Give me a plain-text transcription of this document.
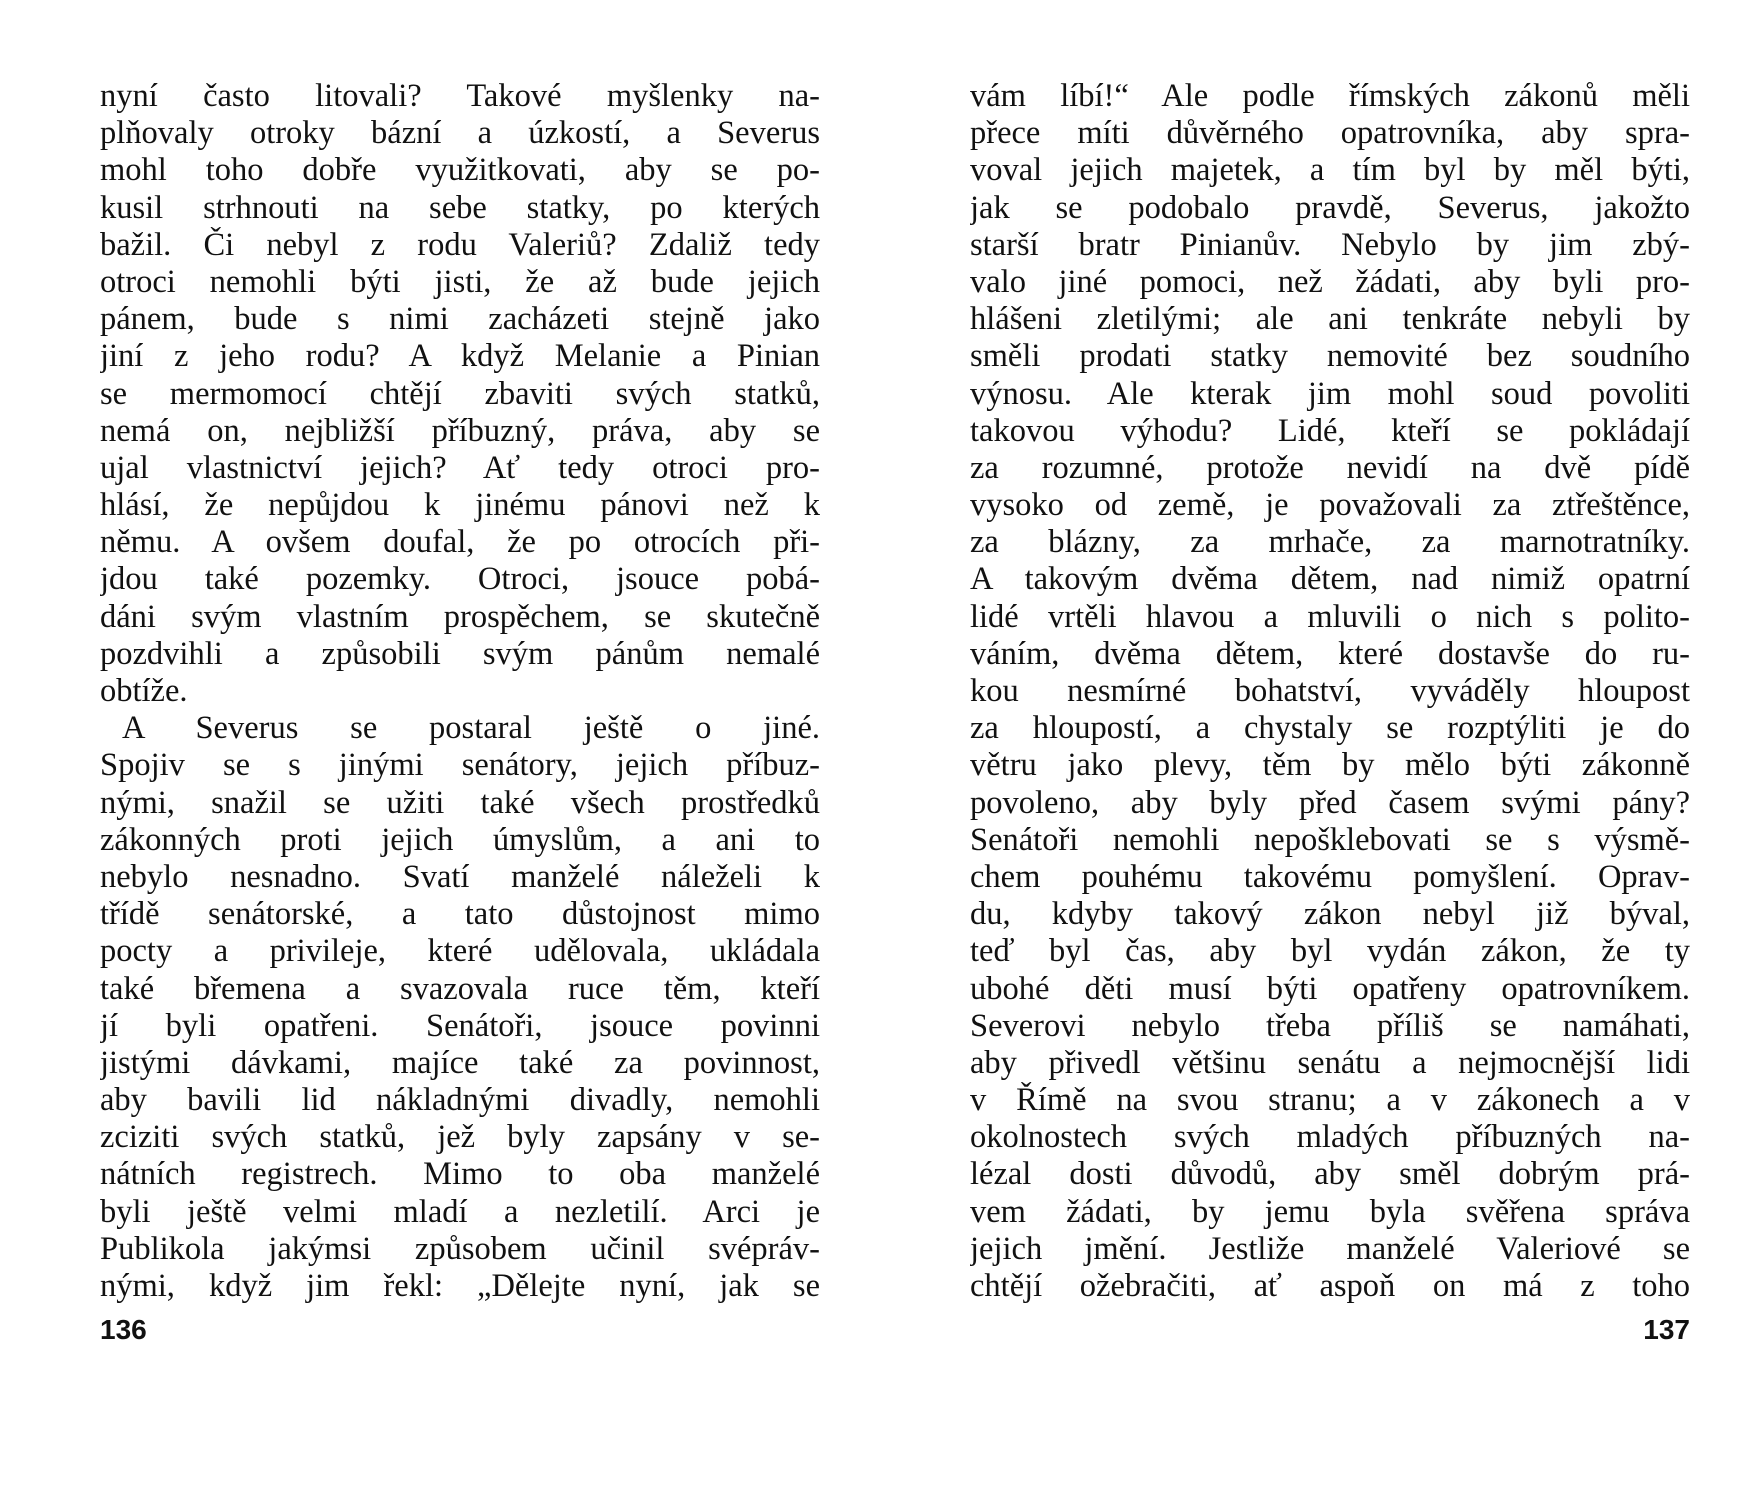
nyní často litovali? Takové myšlenky na-
plňovaly otroky bázní a úzkostí, a Severus
mohl toho dobře využitkovati, aby se po-
kusil strhnouti na sebe statky, po kterých
bažil. Či nebyl z rodu Valeriů? Zdaliž tedy
otroci nemohli býti jisti, že až bude jejich
pánem, bude s nimi zacházeti stejně jako
jiní z jeho rodu? A když Melanie a Pinian
se mermomocí chtějí zbaviti svých statků,
nemá on, nejbližší příbuzný, práva, aby se
ujal vlastnictví jejich? Ať tedy otroci pro-
hlásí, že nepůjdou k jinému pánovi než k
němu. A ovšem doufal, že po otrocích při-
jdou také pozemky. Otroci, jsouce pobá-
dáni svým vlastním prospěchem, se skutečně
pozdvihli a způsobili svým pánům nemalé
obtíže.
A Severus se postaral ještě o jiné.
Spojiv se s jinými senátory, jejich příbuz-
nými, snažil se užiti také všech prostředků
zákonných proti jejich úmyslům, a ani to
nebylo nesnadno. Svatí manželé náleželi k
třídě senátorské, a tato důstojnost mimo
pocty a privileje, které udělovala, ukládala
také břemena a svazovala ruce těm, kteří
jí byli opatřeni. Senátoři, jsouce povinni
jistými dávkami, majíce také za povinnost,
aby bavili lid nákladnými divadly, nemohli
zciziti svých statků, jež byly zapsány v se-
nátních registrech. Mimo to oba manželé
byli ještě velmi mladí a nezletilí. Arci je
Publikola jakýmsi způsobem učinil svépráv-
nými, když jim řekl: „Dělejte nyní, jak se
136
vám líbí!“ Ale podle římských zákonů měli
přece míti důvěrného opatrovníka, aby spra-
voval jejich majetek, a tím byl by měl býti,
jak se podobalo pravdě, Severus, jakožto
starší bratr Pinianův. Nebylo by jim zbý-
valo jiné pomoci, než žádati, aby byli pro-
hlášeni zletilými; ale ani tenkráte nebyli by
směli prodati statky nemovité bez soudního
výnosu. Ale kterak jim mohl soud povoliti
takovou výhodu? Lidé, kteří se pokládají
za rozumné, protože nevidí na dvě pídě
vysoko od země, je považovali za ztřeštěnce,
za blázny, za mrhače, za marnotratníky.
A takovým dvěma dětem, nad nimiž opatrní
lidé vrtěli hlavou a mluvili o nich s polito-
váním, dvěma dětem, které dostavše do ru-
kou nesmírné bohatství, vyváděly hloupost
za hloupostí, a chystaly se rozptýliti je do
větru jako plevy, těm by mělo býti zákonně
povoleno, aby byly před časem svými pány?
Senátoři nemohli nepošklebovati se s výsmě-
chem pouhému takovému pomyšlení. Oprav-
du, kdyby takový zákon nebyl již býval,
teď byl čas, aby byl vydán zákon, že ty
ubohé děti musí býti opatřeny opatrovníkem.
Severovi nebylo třeba příliš se namáhati,
aby přivedl většinu senátu a nejmocnější lidi
v Římě na svou stranu; a v zákonech a v
okolnostech svých mladých příbuzných na-
lézal dosti důvodů, aby směl dobrým prá-
vem žádati, by jemu byla svěřena správa
jejich jmění. Jestliže manželé Valeriové se
chtějí ožebračiti, ať aspoň on má z toho
137
